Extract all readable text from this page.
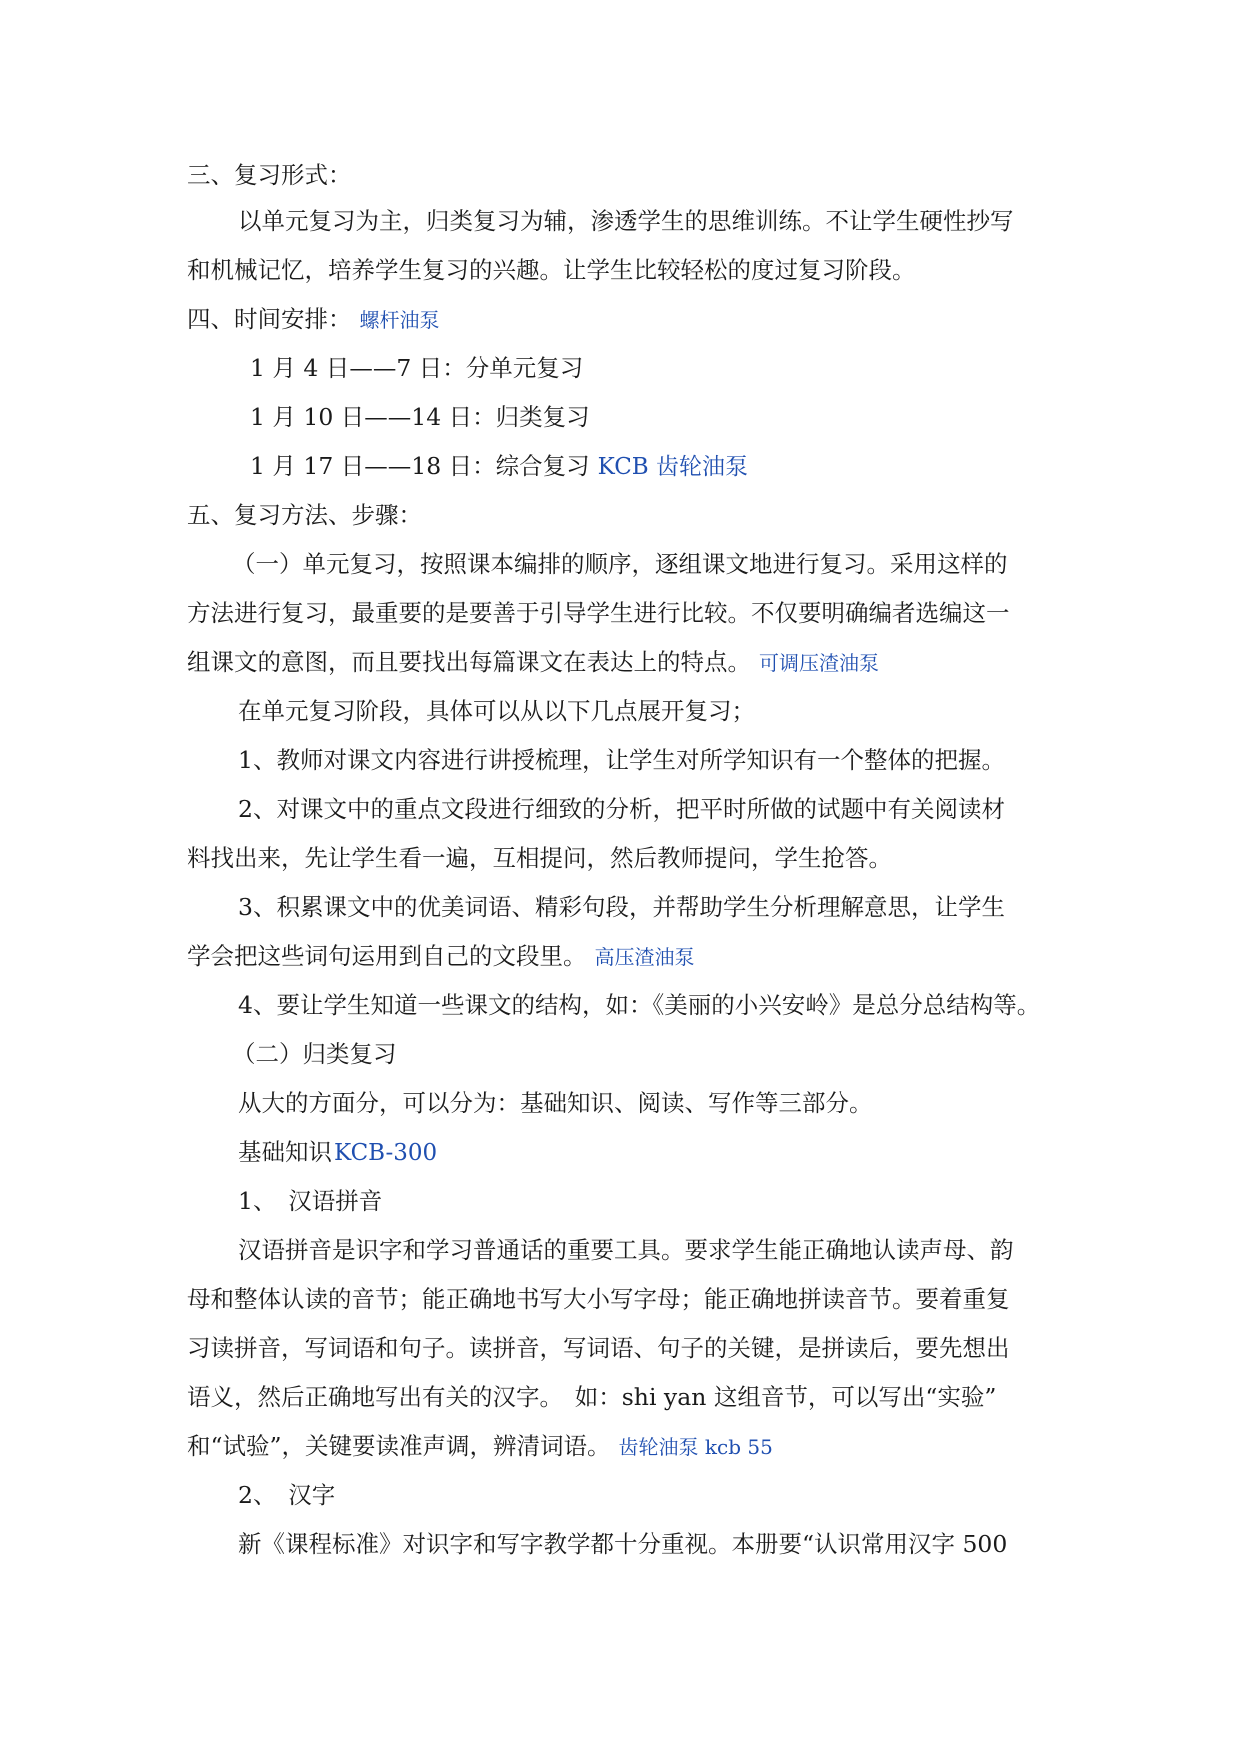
三、复习形式：
以单元复习为主，归类复习为辅，渗透学生的思维训练。不让学生硬性抄写
和机械记忆，培养学生复习的兴趣。让学生比较轻松的度过复习阶段。
四、时间安排： 螺杆油泵
1 月 4 日——7 日：分单元复习
1 月 10 日——14 日：归类复习
1 月 17 日——18 日：综合复习 KCB 齿轮油泵
五、复习方法、步骤：
（一）单元复习，按照课本编排的顺序，逐组课文地进行复习。采用这样的
方法进行复习，最重要的是要善于引导学生进行比较。不仅要明确编者选编这一
组课文的意图，而且要找出每篇课文在表达上的特点。 可调压渣油泵
在单元复习阶段，具体可以从以下几点展开复习；
1、教师对课文内容进行讲授梳理，让学生对所学知识有一个整体的把握。
2、对课文中的重点文段进行细致的分析，把平时所做的试题中有关阅读材
料找出来，先让学生看一遍，互相提问，然后教师提问，学生抢答。
3、积累课文中的优美词语、精彩句段，并帮助学生分析理解意思，让学生
学会把这些词句运用到自己的文段里。 高压渣油泵
4、要让学生知道一些课文的结构，如：《美丽的小兴安岭》是总分总结构等。
（二）归类复习
从大的方面分，可以分为：基础知识、阅读、写作等三部分。
基础知识KCB-300
1、　汉语拼音
汉语拼音是识字和学习普通话的重要工具。要求学生能正确地认读声母、韵
母和整体认读的音节；能正确地书写大小写字母；能正确地拼读音节。要着重复
习读拼音，写词语和句子。读拼音，写词语、句子的关键，是拼读后，要先想出
语义，然后正确地写出有关的汉字。　如：shi yan 这组音节，可以写出“实验”
和“试验”，关键要读准声调，辨清词语。 齿轮油泵 kcb 55
2、　汉字
新《课程标准》对识字和写字教学都十分重视。本册要“认识常用汉字 500
